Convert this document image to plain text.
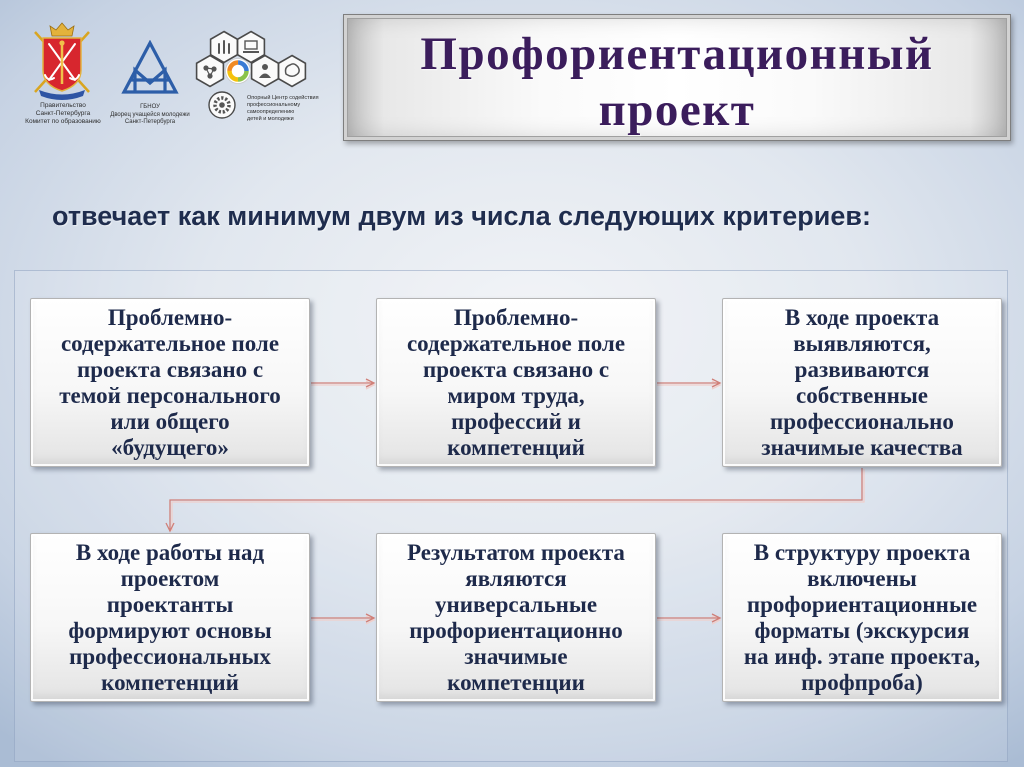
Правительство
Санкт-Петербурга
Комитет по образованию
ГБНОУ
Дворец учащейся молодежи
Санкт-Петербурга
Опорный Центр содействия
профессиональному
самоопределению
детей и молодежи
Профориентационный
проект
отвечает как минимум двум из числа следующих критериев:
Проблемно-
содержательное поле
проекта связано с
темой персонального
или общего
«будущего»
Проблемно-
содержательное поле
проекта связано с
миром труда,
профессий и
компетенций
В ходе проекта
выявляются,
развиваются
собственные
профессионально
значимые качества
В ходе работы над
проектом
проектанты
формируют основы
профессиональных
компетенций
Результатом проекта
являются
универсальные
профориентационно
значимые
компетенции
В структуру проекта
включены
профориентационные
форматы (экскурсия
на инф. этапе проекта,
профпроба)
